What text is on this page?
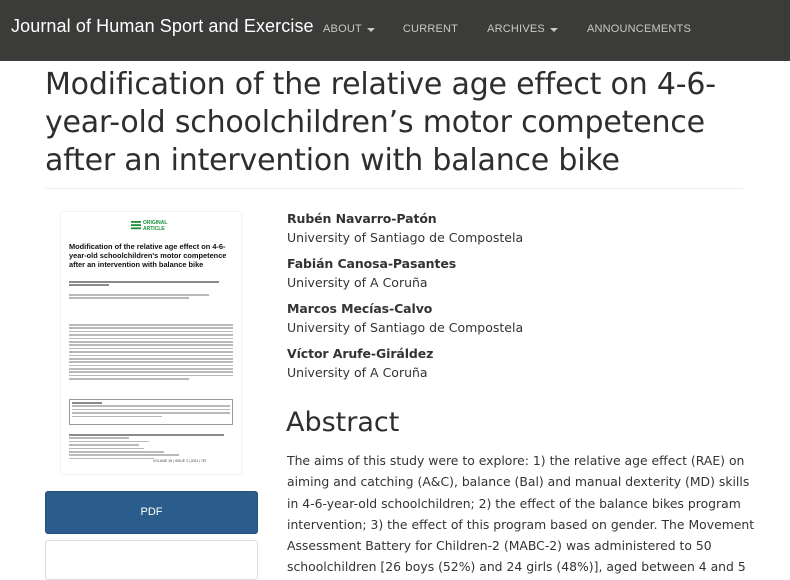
Journal of Human Sport and Exercise ABOUT	CURRENT	ARCHIVES	ANNOUNCEMENTS
Modification of the relative age effect on 4-6-year-old schoolchildren’s motor competence after an intervention with balance bike
ORIGINAL
ARTICLE
Modification of the relative age effect on 4-6-year-old schoolchildren's motor competence after an intervention with balance bike
VOLUME 18 | ISSUE 3 | 2024 | 787
PDF
Rubén Navarro-Patón
University of Santiago de Compostela
Fabián Canosa-Pasantes
University of A Coruña
Marcos Mecías-Calvo
University of Santiago de Compostela
Víctor Arufe-Giráldez
University of A Coruña
Abstract

The aims of this study were to explore: 1) the relative age effect (RAE) on aiming and catching (A&C), balance (Bal) and manual dexterity (MD) skills in 4-6-year-old schoolchildren; 2) the effect of the balance bikes program intervention; 3) the effect of this program based on gender. The Movement Assessment Battery for Children-2 (MABC-2) was administered to 50 schoolchildren [26 boys (52%) and 24 girls (48%)], aged between 4 and 5
